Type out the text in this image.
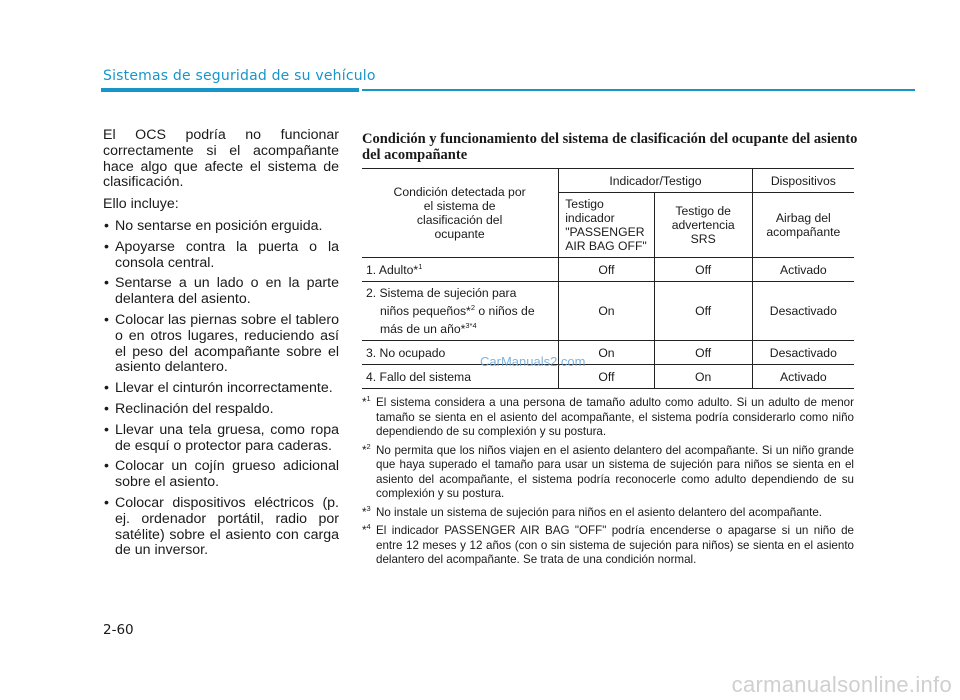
Sistemas de seguridad de su vehículo

El OCS podría no funcionar correctamente si el acompañante hace algo que afecte el sistema de clasificación.

Ello incluye:

• No sentarse en posición erguida.
• Apoyarse contra la puerta o la consola central.
• Sentarse a un lado o en la parte delantera del asiento.
• Colocar las piernas sobre el tablero o en otros lugares, reduciendo así el peso del acompañante sobre el asiento delantero.
• Llevar el cinturón incorrectamente.
• Reclinación del respaldo.
• Llevar una tela gruesa, como ropa de esquí o protector para caderas.
• Colocar un cojín grueso adicional sobre el asiento.
• Colocar dispositivos eléctricos (p. ej. ordenador portátil, radio por satélite) sobre el asiento con carga de un inversor.
Condición y funcionamiento del sistema de clasificación del ocupante del asiento del acompañante
Condición detectada por el sistema de clasificación del ocupante	Indicador/Testigo		Dispositivos

	Testigo indicador "PASSENGER AIR BAG OFF"	Testigo de advertencia SRS	Airbag del acompañante

1. Adulto*$^1$	Off	Off	Activado

2. Sistema de sujeción para
niños pequeños*$^2$ o niños de
más de un año*$^{3*4}$	On	Off	Desactivado
3. No ocupado	On	Off	Desactivado
4. Fallo del sistema	Off	On	Activado
CarManuals2.com
*$^1$ El sistema considera a una persona de tamaño adulto como adulto. Si un adulto de menor tamaño se sienta en el asiento del acompañante, el sistema podría considerarlo como niño dependiendo de su complexión y su postura.
*$^2$ No permita que los niños viajen en el asiento delantero del acompañante. Si un niño grande que haya superado el tamaño para usar un sistema de sujeción para niños se sienta en el asiento del acompañante, el sistema podría reconocerle como adulto dependiendo de su complexión y su postura.
*$^3$ No instale un sistema de sujeción para niños en el asiento delantero del acompañante.
*$^4$ El indicador PASSENGER AIR BAG "OFF" podría encenderse o apagarse si un niño de entre 12 meses y 12 años (con o sin sistema de sujeción para niños) se sienta en el asiento delantero del acompañante. Se trata de una condición normal.
2-60
carmanualsonline.info
